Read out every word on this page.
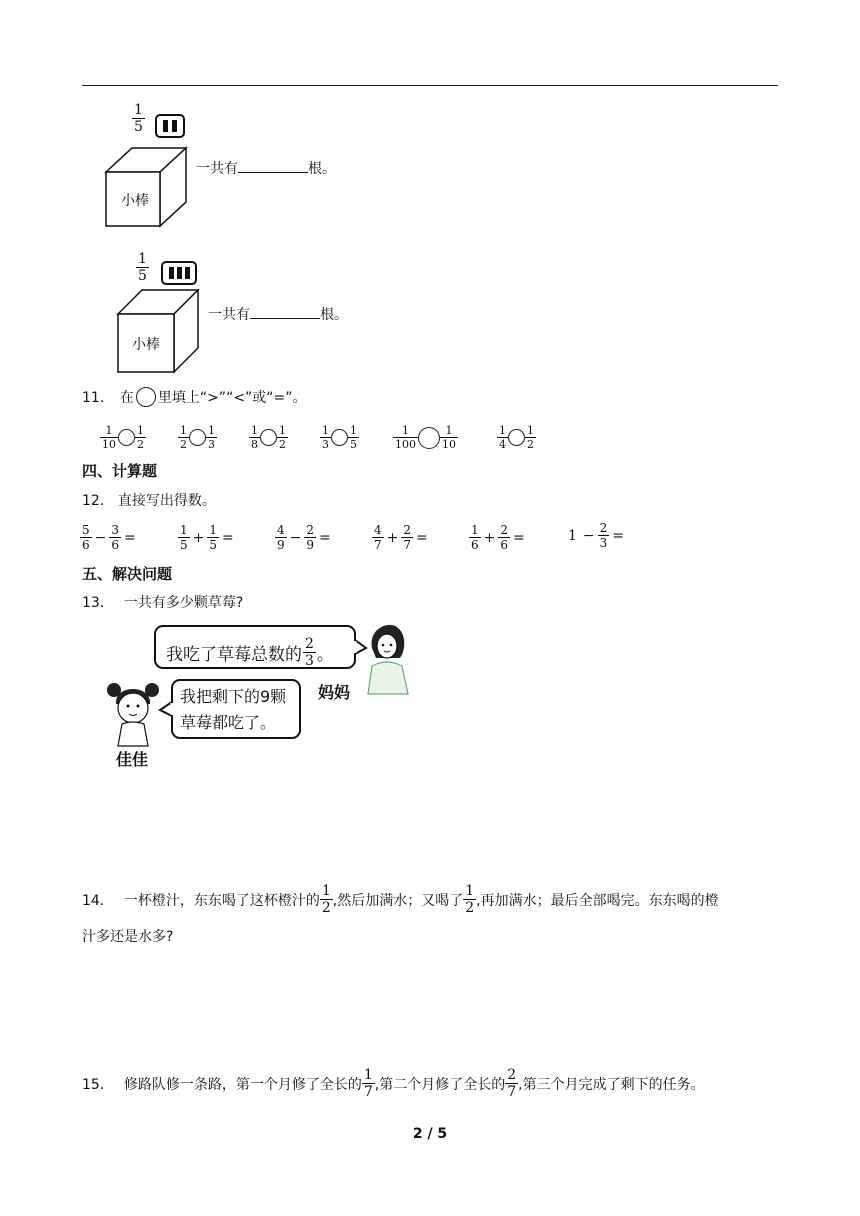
$\frac{1}{5}$
小棒
一共有	根。
$\frac{1}{5}$
小棒
一共有	根。
11． 在 里填上“>”“<”或“=”。
$\frac{1}{10} \frac{1}{2}$	$\frac{1}{2} \frac{1}{3}$	$\frac{1}{8} \frac{1}{2}$	$\frac{1}{3} \frac{1}{5}$	$\frac{1}{100} \frac{1}{10}$	$\frac{1}{4} \frac{1}{2}$
四、计算题
12． 直接写出得数。
$\frac{5}{6} - \frac{3}{6}$ =	$\frac{1}{5} + \frac{1}{5}$ =	$\frac{4}{9} - \frac{2}{9}$ =	$\frac{4}{7} + \frac{2}{7}$ =	$\frac{1}{6} + \frac{2}{6}$ =	$1 - \frac{2}{3}$ =
五、解决问题
13． 一共有多少颗草莓?
我吃了草莓总数的 $\frac{2}{3}$ 。
妈妈
我把剩下的9颗
草莓都吃了。
佳佳
14． 一杯橙汁，东东喝了这杯橙汁的 $\frac{1}{2}$ ,然后加满水；又喝了 $\frac{1}{2}$ ,再加满水；最后全部喝完。东东喝的橙
汁多还是水多?
15． 修路队修一条路，第一个月修了全长的 $\frac{1}{7}$ ,第二个月修了全长的 $\frac{2}{7}$ ,第三个月完成了剩下的任务。
2 / 5
